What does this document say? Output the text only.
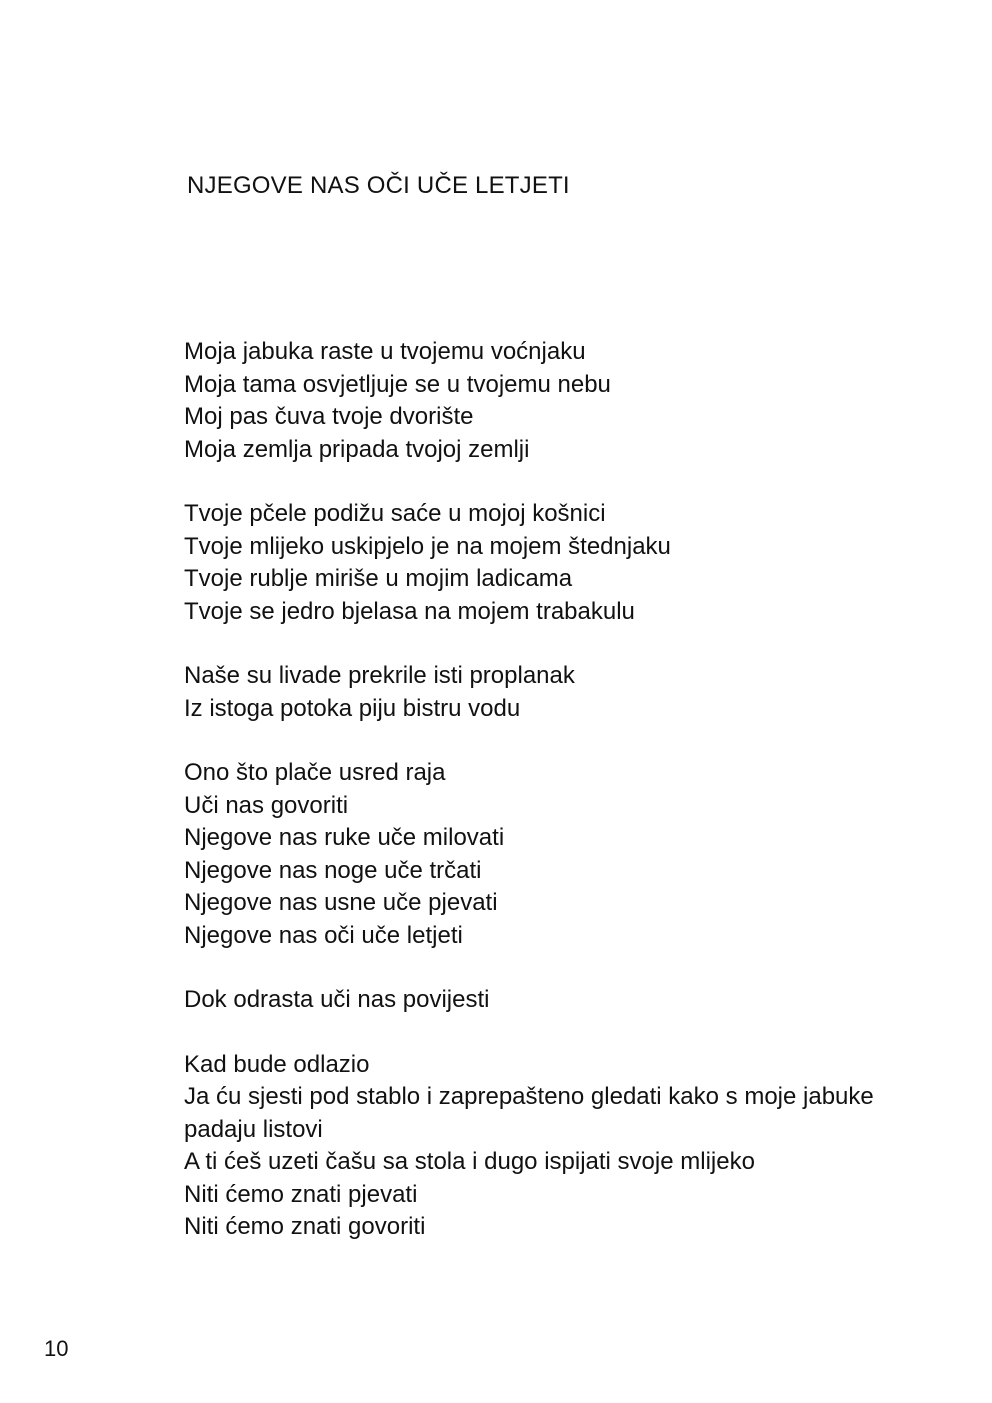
NJEGOVE NAS OČI UČE LETJETI
Moja jabuka raste u tvojemu voćnjaku
Moja tama osvjetljuje se u tvojemu nebu
Moj pas čuva tvoje dvorište
Moja zemlja pripada tvojoj zemlji
Tvoje pčele podižu saće u mojoj košnici
Tvoje mlijeko uskipjelo je na mojem štednjaku
Tvoje rublje miriše u mojim ladicama
Tvoje se jedro bjelasa na mojem trabakulu
Naše su livade prekrile isti proplanak
Iz istoga potoka piju bistru vodu
Ono što plače usred raja
Uči nas govoriti
Njegove nas ruke uče milovati
Njegove nas noge uče trčati
Njegove nas usne uče pjevati
Njegove nas oči uče letjeti
Dok odrasta uči nas povijesti
Kad bude odlazio
Ja ću sjesti pod stablo i zaprepašteno gledati kako s moje jabuke
padaju listovi
A ti ćeš uzeti čašu sa stola i dugo ispijati svoje mlijeko
Niti ćemo znati pjevati
Niti ćemo znati govoriti
10
